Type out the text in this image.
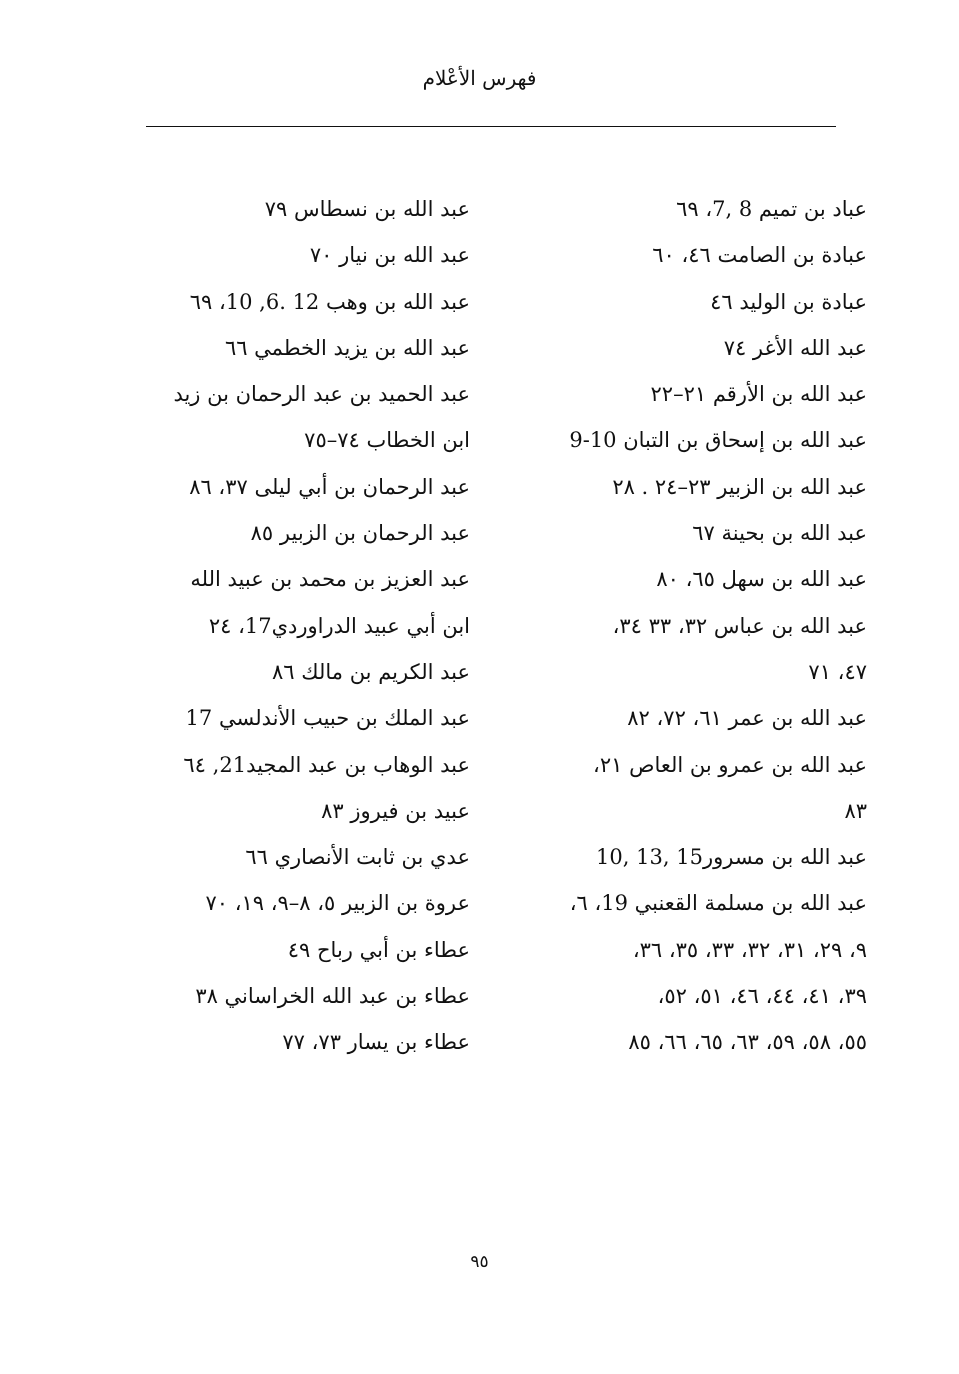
فهرس الأعْلام
عباد بن تميم 8 ,7، ٦٩
عبادة بن الصامت ٤٦، ٦٠
عبادة بن الوليد ٤٦
عبد الله الأغر ٧٤
عبد الله بن الأرقم ٢١–٢٢
عبد الله بن إسحاق بن التبان 10-9
عبد الله بن الزبير ٢٣–٢٤ . ٢٨
عبد الله بن بحينة ٦٧
عبد الله بن سهل ٦٥، ٨٠
عبد الله بن عباس ٣٢، ٣٣ ٣٤،
٤٧، ٧١
عبد الله بن عمر ٦١، ٧٢، ٨٢
عبد الله بن عمرو بن العاص ٢١،
٨٣
عبد الله بن مسرور15 ,13 ,10
عبد الله بن مسلمة القعنبي 19، ٦،
٩، ٢٩، ٣١، ٣٢، ٣٣، ٣٥، ٣٦،
٣٩، ٤١، ٤٤، ٤٦، ٥١، ٥٢،
٥٥، ٥٨، ٥٩، ٦٣، ٦٥، ٦٦، ٨٥
عبد الله بن نسطاس ٧٩
عبد الله بن نيار ٧٠
عبد الله بن وهب 12 .6, 10، ٦٩
عبد الله بن يزيد الخطمي ٦٦
عبد الحميد بن عبد الرحمان بن زيد
ابن الخطاب ٧٤–٧٥
عبد الرحمان بن أبي ليلى ٣٧، ٨٦
عبد الرحمان بن الزبير ٨٥
عبد العزيز بن محمد بن عبيد الله
ابن أبي عبيد الدراوردي17، ٢٤
عبد الكريم بن مالك ٨٦
عبد الملك بن حبيب الأندلسي 17
عبد الوهاب بن عبد المجيد21, ٦٤
عبيد بن فيروز ٨٣
عدي بن ثابت الأنصاري ٦٦
عروة بن الزبير ٥، ٨–٩، ١٩، ٧٠
عطاء بن أبي رباح ٤٩
عطاء بن عبد الله الخراساني ٣٨
عطاء بن يسار ٧٣، ٧٧
٩٥
